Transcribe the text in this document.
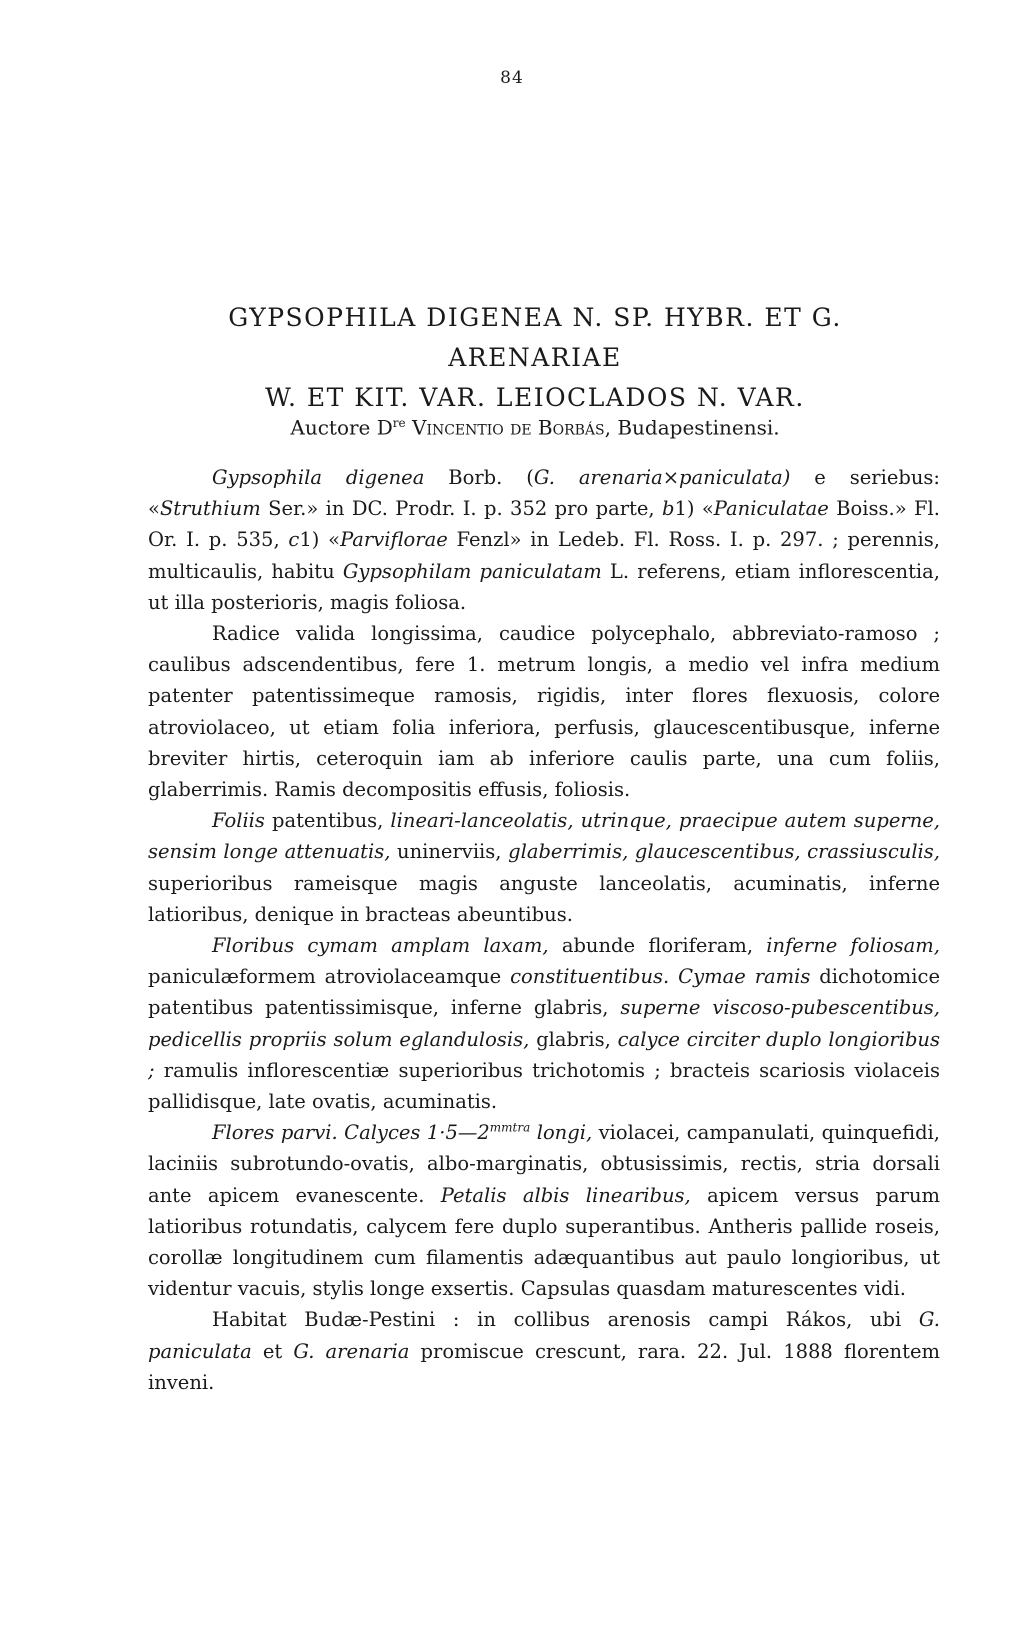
84
GYPSOPHILA DIGENEA N. SP. HYBR. ET G. ARENARIAE
W. ET KIT. VAR. LEIOCLADOS N. VAR.
Auctore Dre Vincentio de Borbás, Budapestinensi.

Gypsophila digenea Borb. (G. arenaria×paniculata) e seriebus: «Struthium Ser.» in DC. Prodr. I. p. 352 pro parte, b1) «Paniculatae Boiss.» Fl. Or. I. p. 535, c1) «Parviflorae Fenzl» in Ledeb. Fl. Ross. I. p. 297. ; perennis, multicaulis, habitu Gypsophilam paniculatam L. referens, etiam inflorescentia, ut illa posterioris, magis foliosa.

Radice valida longissima, caudice polycephalo, abbreviato-ramoso ; caulibus adscendentibus, fere 1. metrum longis, a medio vel infra medium patenter patentissimeque ramosis, rigidis, inter flores flexuosis, colore atroviolaceo, ut etiam folia inferiora, perfusis, glaucescentibusque, inferne breviter hirtis, ceteroquin iam ab inferiore caulis parte, una cum foliis, glaberrimis. Ramis decompositis effusis, foliosis.

Foliis patentibus, lineari-lanceolatis, utrinque, praecipue autem superne, sensim longe attenuatis, uninerviis, glaberrimis, glaucescentibus, crassiusculis, superioribus rameisque magis anguste lanceolatis, acuminatis, inferne latioribus, denique in bracteas abeuntibus.

Floribus cymam amplam laxam, abunde floriferam, inferne foliosam, paniculæformem atroviolaceamque constituentibus. Cymae ramis dichotomice patentibus patentissimisque, inferne glabris, superne viscoso-pubescentibus, pedicellis propriis solum eglandulosis, glabris, calyce circiter duplo longioribus ; ramulis inflorescentiæ superioribus trichotomis ; bracteis scariosis violaceis pallidisque, late ovatis, acuminatis.

Flores parvi. Calyces $1\cdot 5—2^{mmtra}$ longi, violacei, campanulati, quinquefidi, laciniis subrotundo-ovatis, albo-marginatis, obtusissimis, rectis, stria dorsali ante apicem evanescente. Petalis albis linearibus, apicem versus parum latioribus rotundatis, calycem fere duplo superantibus. Antheris pallide roseis, corollæ longitudinem cum filamentis adæquantibus aut paulo longioribus, ut videntur vacuis, stylis longe exsertis. Capsulas quasdam maturescentes vidi.

Habitat Budæ-Pestini : in collibus arenosis campi Rákos, ubi G. paniculata et G. arenaria promiscue crescunt, rara. 22. Jul. 1888 florentem inveni.
